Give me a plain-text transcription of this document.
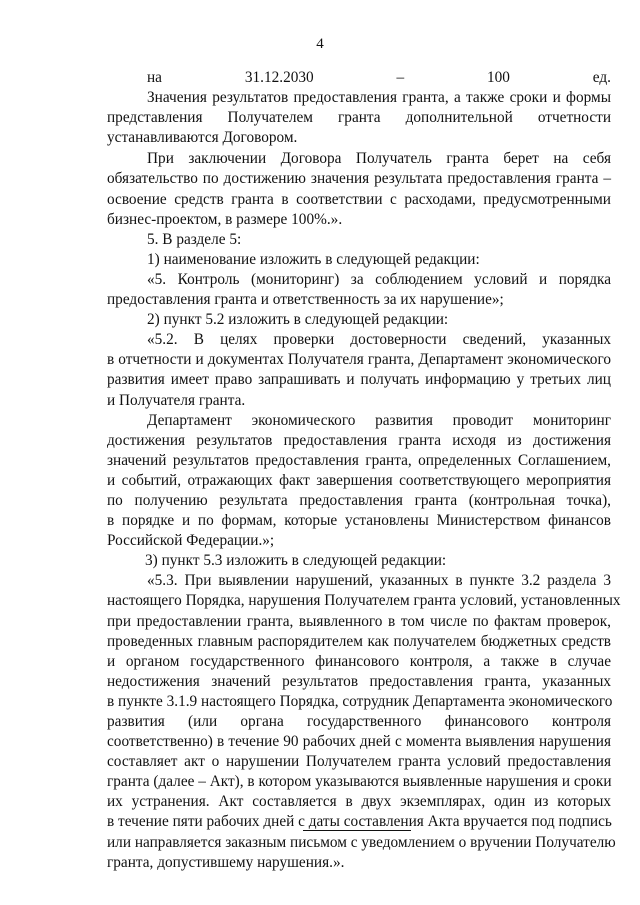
4
на 31.12.2030 – 100 ед.
Значения результатов предоставления гранта, а также сроки и формы
представления Получателем гранта дополнительной отчетности
устанавливаются Договором.
При заключении Договора Получатель гранта берет на себя
обязательство по достижению значения результата предоставления гранта –
освоение средств гранта в соответствии с расходами, предусмотренными
бизнес-проектом, в размере 100%.».
5. В разделе 5:
1) наименование изложить в следующей редакции:
«5. Контроль (мониторинг) за соблюдением условий и порядка
предоставления гранта и ответственность за их нарушение»;
2) пункт 5.2 изложить в следующей редакции:
«5.2. В целях проверки достоверности сведений, указанных
в отчетности и документах Получателя гранта, Департамент экономического
развития имеет право запрашивать и получать информацию у третьих лиц
и Получателя гранта.
Департамент экономического развития проводит мониторинг
достижения результатов предоставления гранта исходя из достижения
значений результатов предоставления гранта, определенных Соглашением,
и событий, отражающих факт завершения соответствующего мероприятия
по получению результата предоставления гранта (контрольная точка),
в порядке и по формам, которые установлены Министерством финансов
Российской Федерации.»;
3) пункт 5.3 изложить в следующей редакции:
«5.3. При выявлении нарушений, указанных в пункте 3.2 раздела 3
настоящего Порядка, нарушения Получателем гранта условий, установленных
при предоставлении гранта, выявленного в том числе по фактам проверок,
проведенных главным распорядителем как получателем бюджетных средств
и органом государственного финансового контроля, а также в случае
недостижения значений результатов предоставления гранта, указанных
в пункте 3.1.9 настоящего Порядка, сотрудник Департамента экономического
развития (или органа государственного финансового контроля
соответственно) в течение 90 рабочих дней с момента выявления нарушения
составляет акт о нарушении Получателем гранта условий предоставления
гранта (далее – Акт), в котором указываются выявленные нарушения и сроки
их устранения. Акт составляется в двух экземплярах, один из которых
в течение пяти рабочих дней с даты составления Акта вручается под подпись
или направляется заказным письмом с уведомлением о вручении Получателю
гранта, допустившему нарушения.».
